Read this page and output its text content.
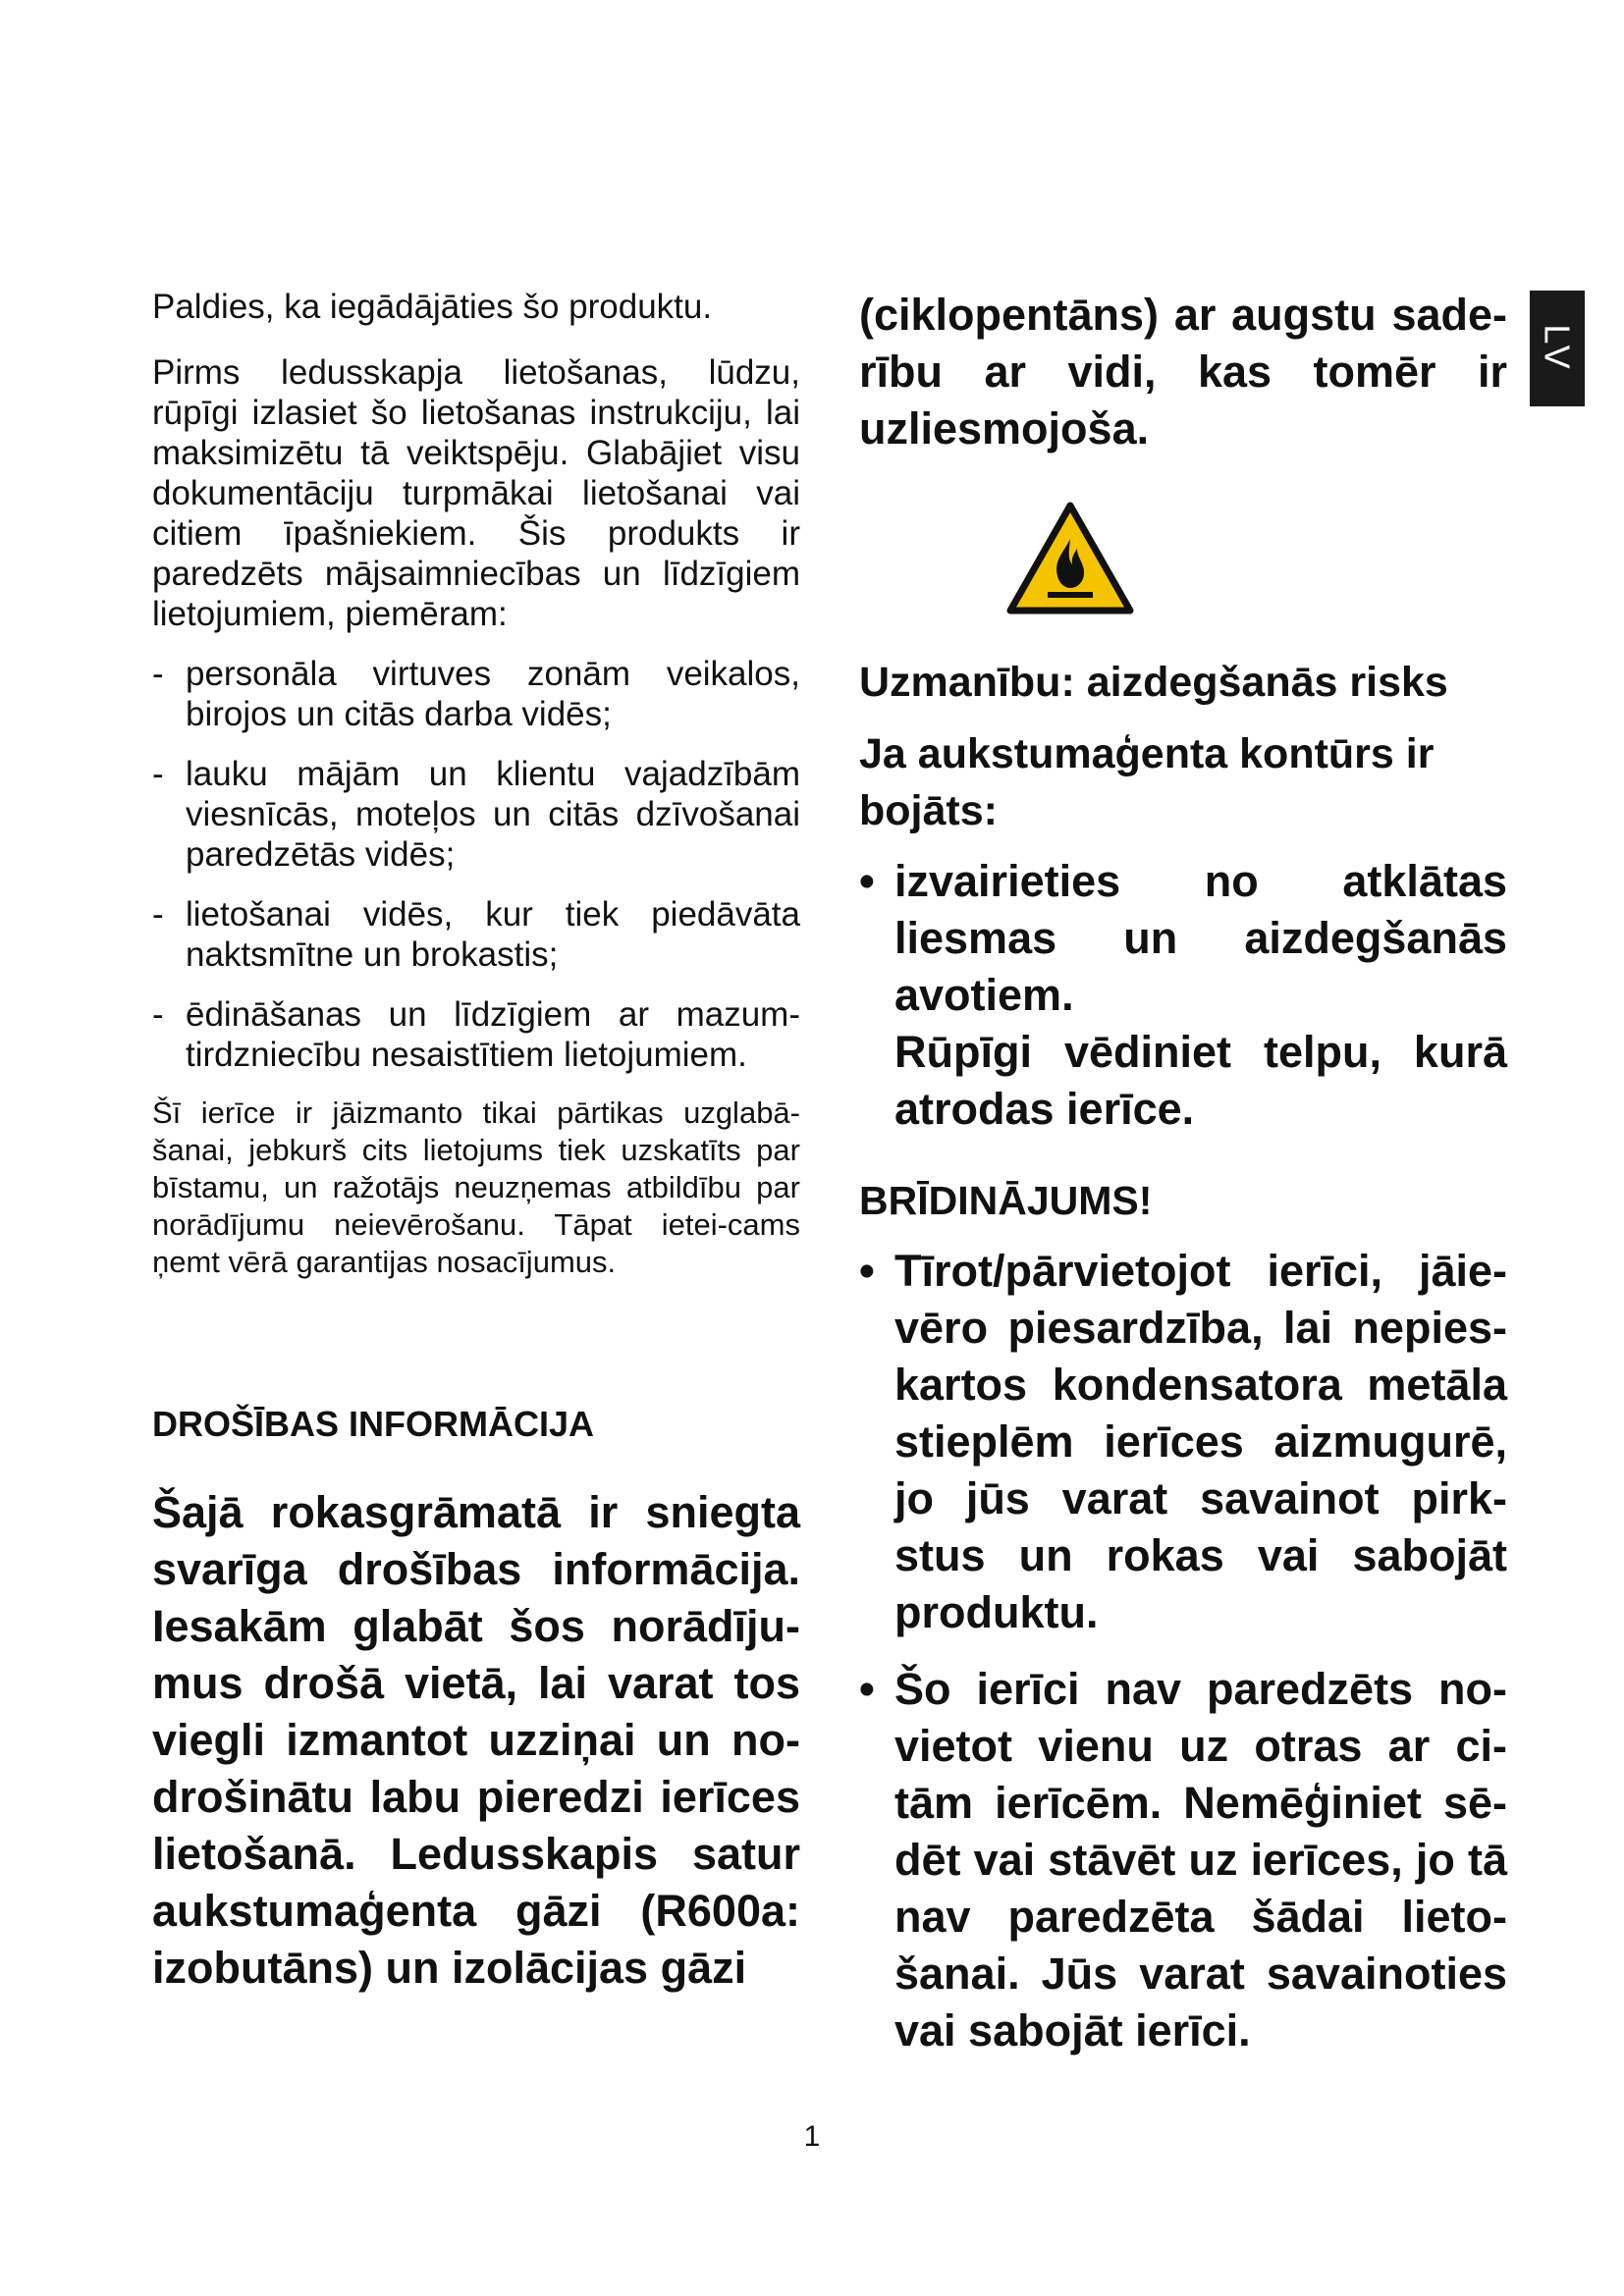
LV

Paldies, ka iegādājāties šo produktu.

Pirms ledusskapja lietošanas, lūdzu, rūpīgi izlasiet šo lietošanas instrukciju, lai maksimizētu tā veiktspēju. Glabājiet visu dokumentāciju turpmākai lietošanai vai citiem īpašniekiem. Šis produkts ir paredzēts mājsaimniecības un līdzīgiem lietojumiem, piemēram:

- personāla virtuves zonām veikalos, birojos un citās darba vidēs;
- lauku mājām un klientu vajadzībām viesnīcās, moteļos un citās dzīvošanai paredzētās vidēs;
- lietošanai vidēs, kur tiek piedāvāta naktsmītne un brokastis;
- ēdināšanas un līdzīgiem ar mazum-tirdzniecību nesaistītiem lietojumiem.

Šī ierīce ir jāizmanto tikai pārtikas uzglabā-šanai, jebkurš cits lietojums tiek uzskatīts par bīstamu, un ražotājs neuzņemas atbildību par norādījumu neievērošanu. Tāpat ietei-cams ņemt vērā garantijas nosacījumus.

DROŠĪBAS INFORMĀCIJA

Šajā rokasgrāmatā ir sniegta svarīga drošības informācija. Iesakām glabāt šos norādīju-mus drošā vietā, lai varat tos viegli izmantot uzziņai un no-drošinātu labu pieredzi ierīces lietošanā. Ledusskapis satur aukstumaģenta gāzi (R600a: izobutāns) un izolācijas gāzi

(ciklopentāns) ar augstu sade-rību ar vidi, kas tomēr ir uzliesmojoša.

Uzmanību: aizdegšanās risks
Ja aukstumaģenta kontūrs ir bojāts:
• izvairieties no atklātas liesmas un aizdegšanās avotiem.
Rūpīgi vēdiniet telpu, kurā atrodas ierīce.
BRĪDINĀJUMS!
• Tīrot/pārvietojot ierīci, jāie-vēro piesardzība, lai nepies-kartos kondensatora metāla stieplēm ierīces aizmugurē, jo jūs varat savainot pirk-stus un rokas vai sabojāt produktu.
• Šo ierīci nav paredzēts no-vietot vienu uz otras ar ci-tām ierīcēm. Nemēģiniet sē-dēt vai stāvēt uz ierīces, jo tā nav paredzēta šādai lieto-šanai. Jūs varat savainoties vai sabojāt ierīci.
1
